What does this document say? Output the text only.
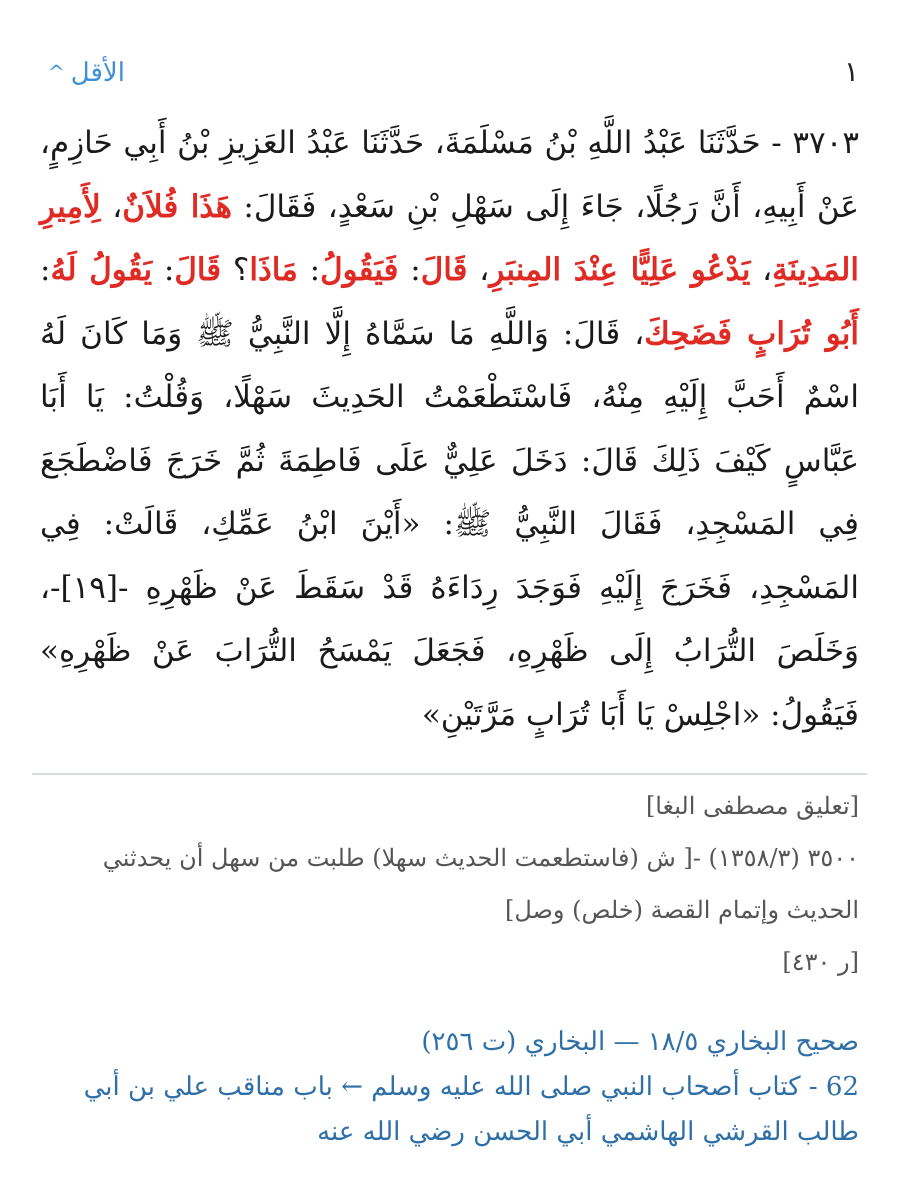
١
الأقل^
٣٧٠٣ - حَدَّثَنَا عَبْدُ اللَّهِ بْنُ مَسْلَمَةَ، حَدَّثَنَا عَبْدُ العَزِيزِ بْنُ أَبِي حَازِمٍ، عَنْ أَبِيهِ، أَنَّ رَجُلًا، جَاءَ إِلَى سَهْلِ بْنِ سَعْدٍ، فَقَالَ: هَذَا فُلاَنٌ، لِأَمِيرِ المَدِينَةِ، يَدْعُو عَلِيًّا عِنْدَ المِنبَرِ، قَالَ: فَيَقُولُ: مَاذَا؟ قَالَ: يَقُولُ لَهُ: أَبُو تُرَابٍ فَضَحِكَ، قَالَ: وَاللَّهِ مَا سَمَّاهُ إِلَّا النَّبِيُّ ﷺ وَمَا كَانَ لَهُ اسْمٌ أَحَبَّ إِلَيْهِ مِنْهُ، فَاسْتَطْعَمْتُ الحَدِيثَ سَهْلًا، وَقُلْتُ: يَا أَبَا عَبَّاسٍ كَيْفَ ذَلِكَ قَالَ: دَخَلَ عَلِيٌّ عَلَى فَاطِمَةَ ثُمَّ خَرَجَ فَاضْطَجَعَ فِي المَسْجِدِ، فَقَالَ النَّبِيُّ ﷺ: «أَيْنَ ابْنُ عَمِّكِ، قَالَتْ: فِي المَسْجِدِ، فَخَرَجَ إِلَيْهِ فَوَجَدَ رِدَاءَهُ قَدْ سَقَطَ عَنْ ظَهْرِهِ -[١٩]-، وَخَلَصَ التُّرَابُ إِلَى ظَهْرِهِ، فَجَعَلَ يَمْسَحُ التُّرَابَ عَنْ ظَهْرِهِ» فَيَقُولُ: «اجْلِسْ يَا أَبَا تُرَابٍ مَرَّتَيْنِ»
[تعليق مصطفى البغا]
٣٥٠٠ (١٣٥٨/٣) -[ ش (فاستطعمت الحديث سهلا) طلبت من سهل أن يحدثني الحديث وإتمام القصة (خلص) وصل]
[ر ٤٣٠]
صحيح البخاري ١٨/٥ — البخاري (ت ٢٥٦)
62 - كتاب أصحاب النبي صلى الله عليه وسلم ← باب مناقب علي بن أبي طالب القرشي الهاشمي أبي الحسن رضي الله عنه
